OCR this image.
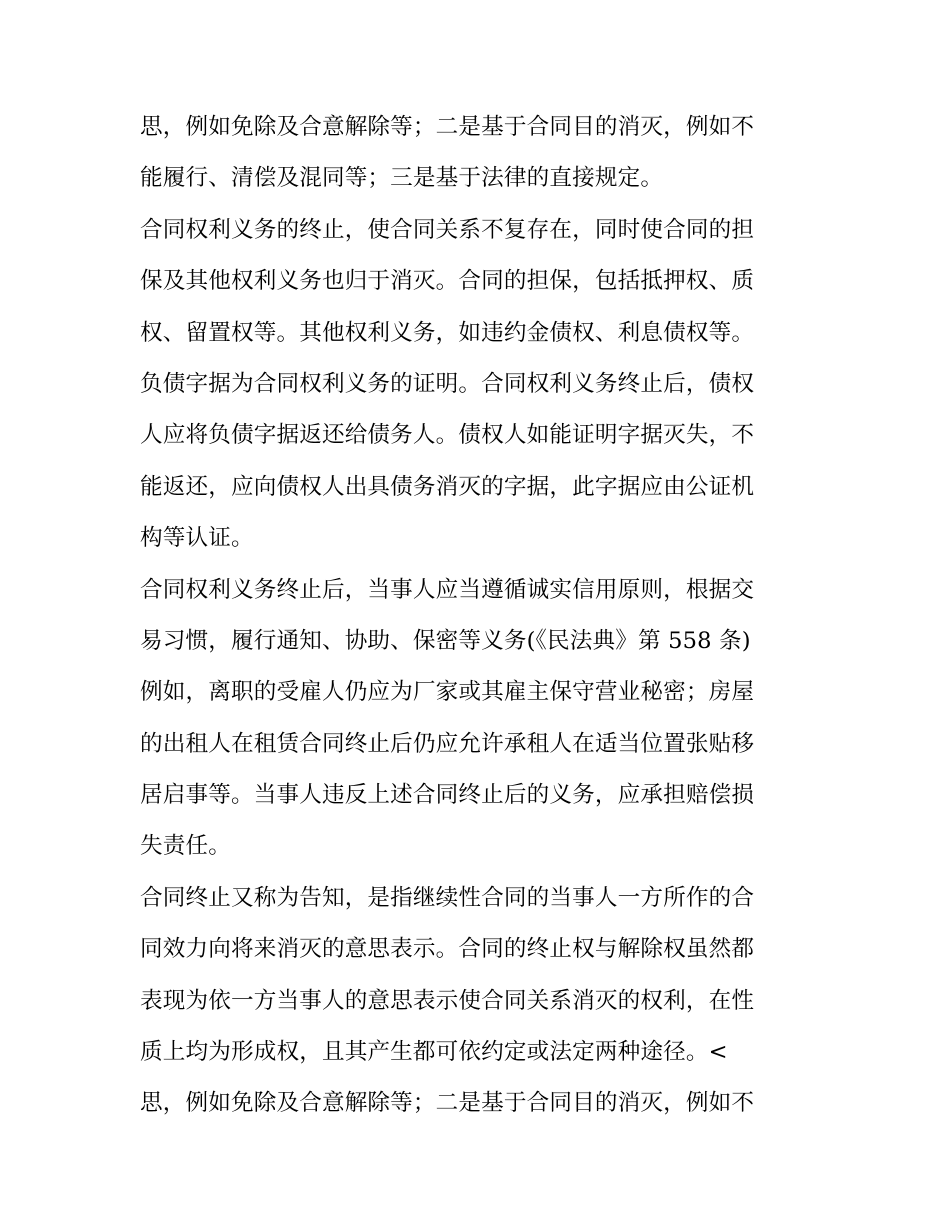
思，例如免除及合意解除等；二是基于合同目的消灭，例如不
能履行、清偿及混同等；三是基于法律的直接规定。
合同权利义务的终止，使合同关系不复存在，同时使合同的担
保及其他权利义务也归于消灭。合同的担保，包括抵押权、质
权、留置权等。其他权利义务，如违约金债权、利息债权等。
负债字据为合同权利义务的证明。合同权利义务终止后，债权
人应将负债字据返还给债务人。债权人如能证明字据灭失，不
能返还，应向债权人出具债务消灭的字据，此字据应由公证机
构等认证。
合同权利义务终止后，当事人应当遵循诚实信用原则，根据交
易习惯，履行通知、协助、保密等义务(《民法典》第 558 条)
例如，离职的受雇人仍应为厂家或其雇主保守营业秘密；房屋
的出租人在租赁合同终止后仍应允许承租人在适当位置张贴移
居启事等。当事人违反上述合同终止后的义务，应承担赔偿损
失责任。
合同终止又称为告知，是指继续性合同的当事人一方所作的合
同效力向将来消灭的意思表示。合同的终止权与解除权虽然都
表现为依一方当事人的意思表示使合同关系消灭的权利，在性
质上均为形成权，且其产生都可依约定或法定两种途径。<
思，例如免除及合意解除等；二是基于合同目的消灭，例如不
